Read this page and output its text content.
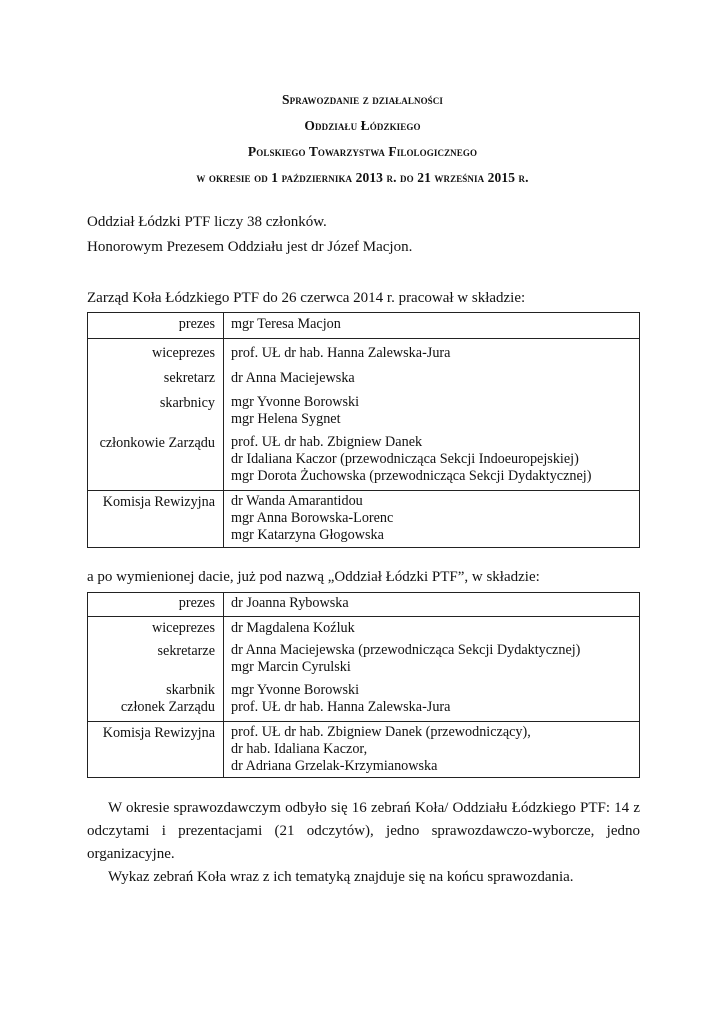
Sprawozdanie z działalności
Oddziału Łódzkiego
Polskiego Towarzystwa Filologicznego
w okresie od 1 października 2013 r. do 21 września 2015 r.
Oddział Łódzki PTF liczy 38 członków.
Honorowym Prezesem Oddziału jest dr Józef Macjon.
Zarząd Koła Łódzkiego PTF do 26 czerwca 2014 r. pracował w składzie:
prezes	mgr Teresa Macjon

wiceprezes	prof. UŁ dr hab. Hanna Zalewska-Jura

sekretarz	dr Anna Maciejewska

skarbnicy	mgr Yvonne Borowski
mgr Helena Sygnet

członkowie Zarządu	prof. UŁ dr hab. Zbigniew Danek
dr Idaliana Kaczor (przewodnicząca Sekcji Indoeuropejskiej)
mgr Dorota Żuchowska (przewodnicząca Sekcji Dydaktycznej)

Komisja Rewizyjna	dr Wanda Amarantidou
mgr Anna Borowska-Lorenc
mgr Katarzyna Głogowska
a po wymienionej dacie, już pod nazwą „Oddział Łódzki PTF”, w składzie:
prezes	dr Joanna Rybowska

wiceprezes	dr Magdalena Koźluk

sekretarze	dr Anna Maciejewska (przewodnicząca Sekcji Dydaktycznej)
mgr Marcin Cyrulski

skarbnik
członek Zarządu	mgr Yvonne Borowski
prof. UŁ dr hab. Hanna Zalewska-Jura

Komisja Rewizyjna	prof. UŁ dr hab. Zbigniew Danek (przewodniczący),
dr hab. Idaliana Kaczor,
dr Adriana Grzelak-Krzymianowska

W okresie sprawozdawczym odbyło się 16 zebrań Koła/ Oddziału Łódzkiego PTF: 14 z odczytami i prezentacjami (21 odczytów), jedno sprawozdawczo-wyborcze, jedno organizacyjne.

Wykaz zebrań Koła wraz z ich tematyką znajduje się na końcu sprawozdania.
